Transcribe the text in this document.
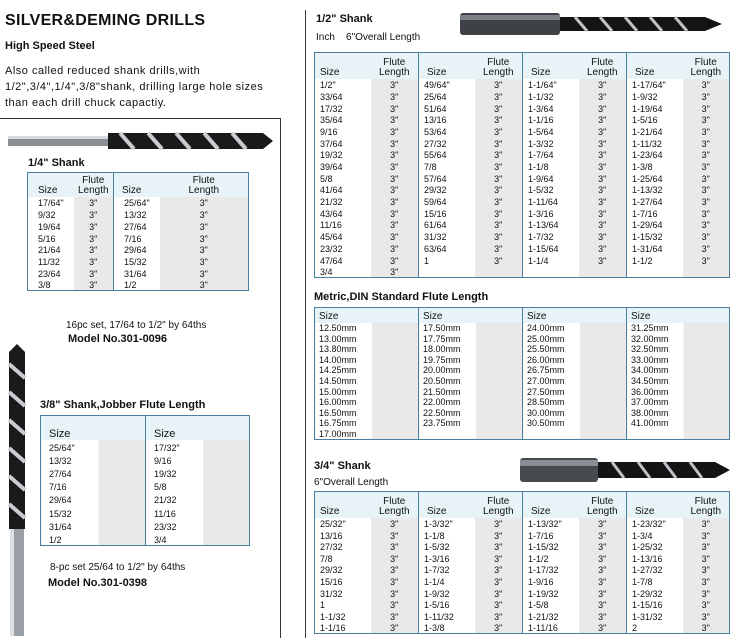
SILVER&DEMING DRILLS
High Speed Steel
Also called reduced shank drills,with 1/2",3/4",1/4",3/8"shank, drilling large hole sizes than each drill chuck capactiy.
1/4" Shank
Size	Flute
Length	Size	Flute
Length
17/64"	3"	25/64"	3"
9/32	3"	13/32	3"
19/64	3"	27/64	3"
5/16	3"	7/16	3"
21/64	3"	29/64	3"
11/32	3"	15/32	3"
23/64	3"	31/64	3"
3/8	3"	1/2	3"
16pc set, 17/64 to 1/2" by 64ths
Model No.301-0096
3/8" Shank,Jobber Flute Length
Size	Size
25/64"	17/32"
13/32	9/16
27/64	19/32
7/16	5/8
29/64	21/32
15/32	11/16
31/64	23/32
1/2	3/4
8-pc set 25/64 to 1/2" by 64ths
Model No.301-0398
1/2" Shank
Inch    6"Overall Length
Size	Flute
Length	Size	Flute
Length	Size	Flute
Length	Size	Flute
Length
1/2"	3"	49/64"	3"	1-1/64"	3"	1-17/64"	3"
33/64	3"	25/64	3"	1-1/32	3"	1-9/32	3"
17/32	3"	51/64	3"	1-3/64	3"	1-19/64	3"
35/64	3"	13/16	3"	1-1/16	3"	1-5/16	3"
9/16	3"	53/64	3"	1-5/64	3"	1-21/64	3"
37/64	3"	27/32	3"	1-3/32	3"	1-11/32	3"
19/32	3"	55/64	3"	1-7/64	3"	1-23/64	3"
39/64	3"	7/8	3"	1-1/8	3"	1-3/8	3"
5/8	3"	57/64	3"	1-9/64	3"	1-25/64	3"
41/64	3"	29/32	3"	1-5/32	3"	1-13/32	3"
21/32	3"	59/64	3"	1-11/64	3"	1-27/64	3"
43/64	3"	15/16	3"	1-3/16	3"	1-7/16	3"
11/16	3"	61/64	3"	1-13/64	3"	1-29/64	3"
45/64	3"	31/32	3"	1-7/32	3"	1-15/32	3"
23/32	3"	63/64	3"	1-15/64	3"	1-31/64	3"
47/64	3"	1	3"	1-1/4	3"	1-1/2	3"
3/4	3"						
Metric,DIN Standard Flute Length
Size	Size	Size	Size
12.50mm	17.50mm	24.00mm	31.25mm
13.00mm	17.75mm	25.00mm	32.00mm
13.80mm	18.00mm	25.50mm	32.50mm
14.00mm	19.75mm	26.00mm	33.00mm
14.25mm	20.00mm	26.75mm	34.00mm
14.50mm	20.50mm	27.00mm	34.50mm
15.00mm	21.50mm	27.50mm	36.00mm
16.00mm	22.00mm	28.50mm	37.00mm
16.50mm	22.50mm	30.00mm	38.00mm
16.75mm	23.75mm	30.50mm	41.00mm
17.00mm			
3/4" Shank
6"Overall Length
Size	Flute
Length	Size	Flute
Length	Size	Flute
Length	Size	Flute
Length
25/32"	3"	1-3/32"	3"	1-13/32"	3"	1-23/32"	3"
13/16	3"	1-1/8	3"	1-7/16	3"	1-3/4	3"
27/32	3"	1-5/32	3"	1-15/32	3"	1-25/32	3"
7/8	3"	1-3/16	3"	1-1/2	3"	1-13/16	3"
29/32	3"	1-7/32	3"	1-17/32	3"	1-27/32	3"
15/16	3"	1-1/4	3"	1-9/16	3"	1-7/8	3"
31/32	3"	1-9/32	3"	1-19/32	3"	1-29/32	3"
1	3"	1-5/16	3"	1-5/8	3"	1-15/16	3"
1-1/32	3"	1-11/32	3"	1-21/32	3"	1-31/32	3"
1-1/16	3"	1-3/8	3"	1-11/16	3"	2	3"
